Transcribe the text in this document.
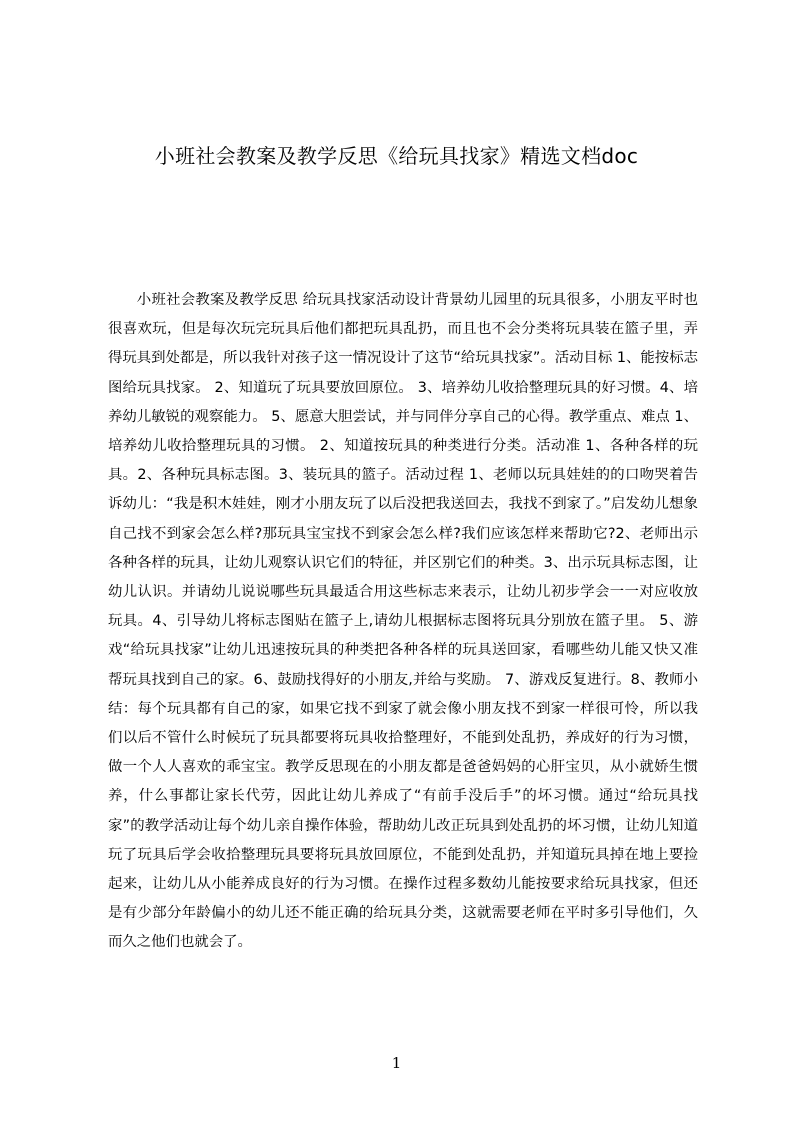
小班社会教案及教学反思《给玩具找家》精选文档doc

小班社会教案及教学反思 给玩具找家活动设计背景幼儿园里的玩具很多，小朋友平时也很喜欢玩，但是每次玩完玩具后他们都把玩具乱扔，而且也不会分类将玩具装在篮子里，弄得玩具到处都是，所以我针对孩子这一情况设计了这节“给玩具找家”。活动目标 1、能按标志图给玩具找家。 2、知道玩了玩具要放回原位。 3、培养幼儿收拾整理玩具的好习惯。4、培养幼儿敏锐的观察能力。 5、愿意大胆尝试，并与同伴分享自己的心得。教学重点、难点 1、培养幼儿收拾整理玩具的习惯。 2、知道按玩具的种类进行分类。活动准 1、各种各样的玩具。2、各种玩具标志图。3、装玩具的篮子。活动过程 1、老师以玩具娃娃的的口吻哭着告诉幼儿：“我是积木娃娃，刚才小朋友玩了以后没把我送回去，我找不到家了。”启发幼儿想象自己找不到家会怎么样?那玩具宝宝找不到家会怎么样?我们应该怎样来帮助它?2、老师出示各种各样的玩具，让幼儿观察认识它们的特征，并区别它们的种类。3、出示玩具标志图，让幼儿认识。并请幼儿说说哪些玩具最适合用这些标志来表示，让幼儿初步学会一一对应收放玩具。4、引导幼儿将标志图贴在篮子上,请幼儿根据标志图将玩具分别放在篮子里。 5、游戏“给玩具找家”让幼儿迅速按玩具的种类把各种各样的玩具送回家，看哪些幼儿能又快又准帮玩具找到自己的家。6、鼓励找得好的小朋友,并给与奖励。 7、游戏反复进行。8、教师小结：每个玩具都有自己的家，如果它找不到家了就会像小朋友找不到家一样很可怜，所以我们以后不管什么时候玩了玩具都要将玩具收拾整理好，不能到处乱扔，养成好的行为习惯，做一个人人喜欢的乖宝宝。教学反思现在的小朋友都是爸爸妈妈的心肝宝贝，从小就娇生惯养，什么事都让家长代劳，因此让幼儿养成了“有前手没后手”的坏习惯。通过“给玩具找家”的教学活动让每个幼儿亲自操作体验，帮助幼儿改正玩具到处乱扔的坏习惯，让幼儿知道玩了玩具后学会收拾整理玩具要将玩具放回原位，不能到处乱扔，并知道玩具掉在地上要捡起来，让幼儿从小能养成良好的行为习惯。在操作过程多数幼儿能按要求给玩具找家，但还是有少部分年龄偏小的幼儿还不能正确的给玩具分类，这就需要老师在平时多引导他们，久而久之他们也就会了。

1
